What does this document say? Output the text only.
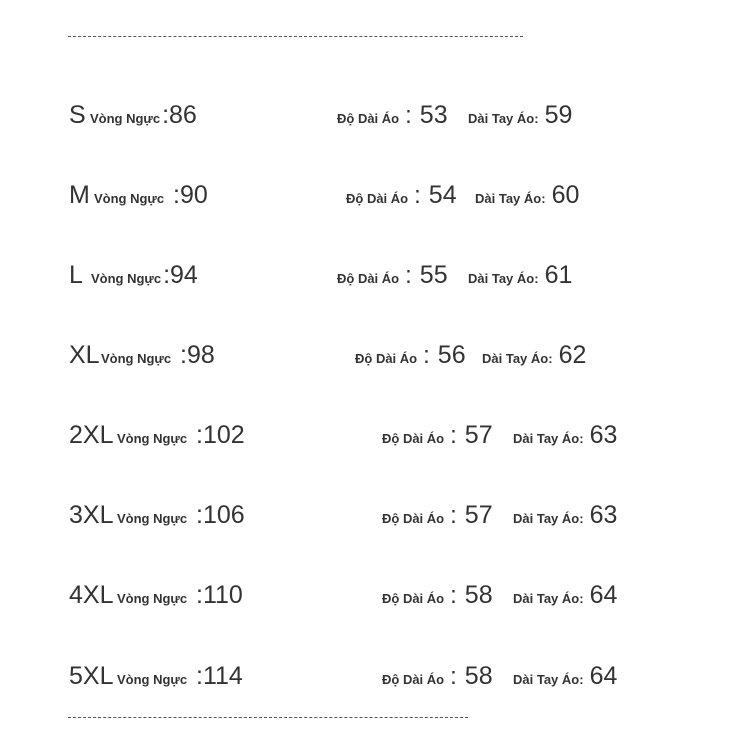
S Vòng Ngực:86	Độ Dài Áo : 53 Dài Tay Áo: 59
M Vòng Ngực :90	Độ Dài Áo : 54 Dài Tay Áo: 60
L Vòng Ngực:94	Độ Dài Áo : 55 Dài Tay Áo: 61
XL Vòng Ngực :98	Độ Dài Áo : 56 Dài Tay Áo: 62
2XL Vòng Ngực :102	Độ Dài Áo : 57 Dài Tay Áo: 63
3XL Vòng Ngực :106	Độ Dài Áo : 57 Dài Tay Áo: 63
4XL Vòng Ngực :110	Độ Dài Áo : 58 Dài Tay Áo: 64
5XL Vòng Ngực :114	Độ Dài Áo : 58 Dài Tay Áo: 64
